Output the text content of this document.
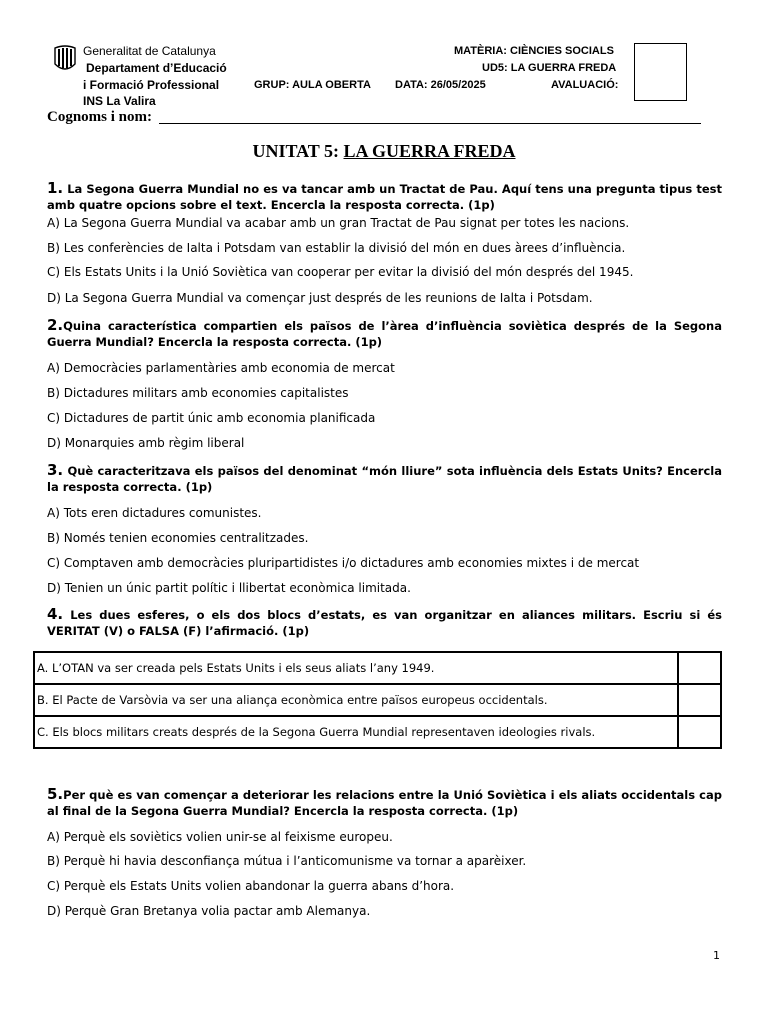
Generalitat de Catalunya
Departament d’Educació
i Formació Professional
INS La Valira
MATÈRIA: CIÈNCIES SOCIALS
UD5: LA GUERRA FREDA
GRUP: AULA OBERTA DATA: 26/05/2025	AVALUACIÓ:
Cognoms i nom:
UNITAT 5: LA GUERRA FREDA
1. La Segona Guerra Mundial no es va tancar amb un Tractat de Pau. Aquí tens una pregunta tipus test amb quatre opcions sobre el text. Encercla la resposta correcta. (1p)
A) La Segona Guerra Mundial va acabar amb un gran Tractat de Pau signat per totes les nacions.
B) Les conferències de Ialta i Potsdam van establir la divisió del món en dues àrees d’influència.
C) Els Estats Units i la Unió Soviètica van cooperar per evitar la divisió del món després del 1945.
D) La Segona Guerra Mundial va començar just després de les reunions de Ialta i Potsdam.
2.Quina característica compartien els països de l’àrea d’influència soviètica després de la Segona Guerra Mundial? Encercla la resposta correcta. (1p)
A) Democràcies parlamentàries amb economia de mercat
B) Dictadures militars amb economies capitalistes
C) Dictadures de partit únic amb economia planificada
D) Monarquies amb règim liberal
3. Què caracteritzava els països del denominat “món lliure” sota influència dels Estats Units? Encercla la resposta correcta. (1p)
A) Tots eren dictadures comunistes.
B) Només tenien economies centralitzades.
C) Comptaven amb democràcies pluripartidistes i/o dictadures amb economies mixtes i de mercat
D) Tenien un únic partit polític i llibertat econòmica limitada.
4. Les dues esferes, o els dos blocs d’estats, es van organitzar en aliances militars. Escriu si és VERITAT (V) o FALSA (F) l’afirmació. (1p)
A. L’OTAN va ser creada pels Estats Units i els seus aliats l’any 1949.	
B. El Pacte de Varsòvia va ser una aliança econòmica entre països europeus occidentals.	
C. Els blocs militars creats després de la Segona Guerra Mundial representaven ideologies rivals.	
5.Per què es van començar a deteriorar les relacions entre la Unió Soviètica i els aliats occidentals cap al final de la Segona Guerra Mundial? Encercla la resposta correcta. (1p)
A) Perquè els soviètics volien unir-se al feixisme europeu.
B) Perquè hi havia desconfiança mútua i l’anticomunisme va tornar a aparèixer.
C) Perquè els Estats Units volien abandonar la guerra abans d’hora.
D) Perquè Gran Bretanya volia pactar amb Alemanya.
1
